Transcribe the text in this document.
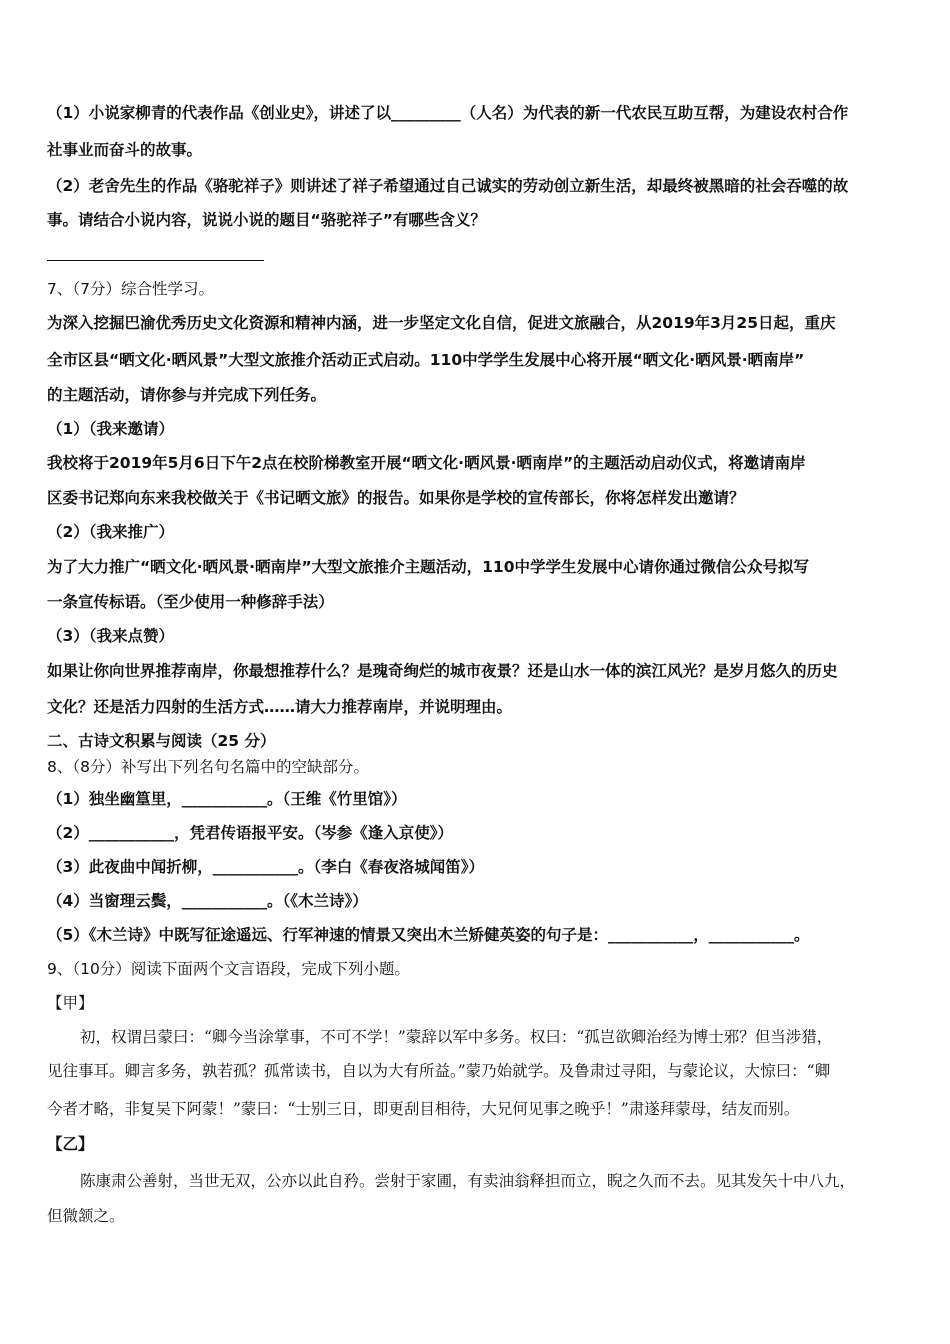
（1）小说家柳青的代表作品《创业史》，讲述了以_________（人名）为代表的新一代农民互助互帮，为建设农村合作
社事业而奋斗的故事。
（2）老舍先生的作品《骆驼祥子》则讲述了祥子希望通过自己诚实的劳动创立新生活，却最终被黑暗的社会吞噬的故
事。请结合小说内容，说说小说的题目“骆驼祥子”有哪些含义？
7、（7分）综合性学习。
为深入挖掘巴渝优秀历史文化资源和精神内涵，进一步坚定文化自信，促进文旅融合，从2019年3月25日起，重庆
全市区县“晒文化·晒风景”大型文旅推介活动正式启动。110中学学生发展中心将开展“晒文化·晒风景·晒南岸”
的主题活动，请你参与并完成下列任务。
（1）（我来邀请）
我校将于2019年5月6日下午2点在校阶梯教室开展“晒文化·晒风景·晒南岸”的主题活动启动仪式，将邀请南岸
区委书记郑向东来我校做关于《书记晒文旅》的报告。如果你是学校的宣传部长，你将怎样发出邀请？
（2）（我来推广）
为了大力推广“晒文化·晒风景·晒南岸”大型文旅推介主题活动，110中学学生发展中心请你通过微信公众号拟写
一条宣传标语。（至少使用一种修辞手法）
（3）（我来点赞）
如果让你向世界推荐南岸，你最想推荐什么？是瑰奇绚烂的城市夜景？还是山水一体的滨江风光？是岁月悠久的历史
文化？还是活力四射的生活方式……请大力推荐南岸，并说明理由。
二、古诗文积累与阅读（25 分）
8、（8分）补写出下列名句名篇中的空缺部分。
（1）独坐幽篁里，___________。（王维《竹里馆》）
（2）___________，凭君传语报平安。（岑参《逢入京使》）
（3）此夜曲中闻折柳，___________。（李白《春夜洛城闻笛》）
（4）当窗理云鬓，___________。（《木兰诗》）
（5）《木兰诗》中既写征途遥远、行军神速的情景又突出木兰矫健英姿的句子是：___________，___________。
9、（10分）阅读下面两个文言语段，完成下列小题。
【甲】
初，权谓吕蒙曰：“卿今当涂掌事，不可不学！”蒙辞以军中多务。权曰：“孤岂欲卿治经为博士邪？但当涉猎，
见往事耳。卿言多务，孰若孤？孤常读书，自以为大有所益。”蒙乃始就学。及鲁肃过寻阳，与蒙论议，大惊曰：“卿
今者才略，非复吴下阿蒙！”蒙曰：“士别三日，即更刮目相待，大兄何见事之晚乎！”肃遂拜蒙母，结友而别。
【乙】
陈康肃公善射，当世无双，公亦以此自矜。尝射于家圃，有卖油翁释担而立，睨之久而不去。见其发矢十中八九，
但微颔之。
